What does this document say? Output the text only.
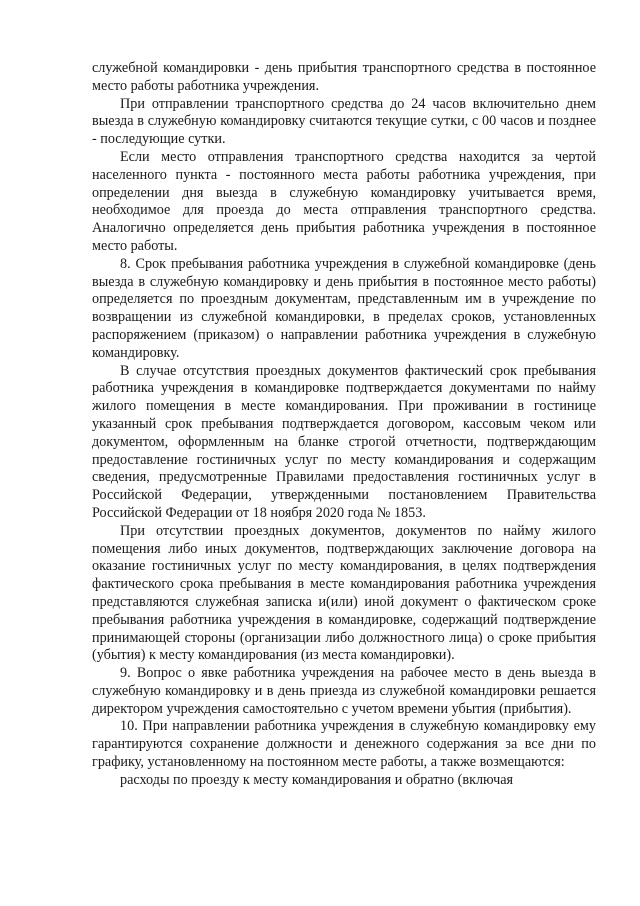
служебной командировки - день прибытия транспортного средства в постоянное место работы работника учреждения.

При отправлении транспортного средства до 24 часов включительно днем выезда в служебную командировку считаются текущие сутки, с 00 часов и позднее - последующие сутки.

Если место отправления транспортного средства находится за чертой населенного пункта - постоянного места работы работника учреждения, при определении дня выезда в служебную командировку учитывается время, необходимое для проезда до места отправления транспортного средства. Аналогично определяется день прибытия работника учреждения в постоянное место работы.

8. Срок пребывания работника учреждения в служебной командировке (день выезда в служебную командировку и день прибытия в постоянное место работы) определяется по проездным документам, представленным им в учреждение по возвращении из служебной командировки, в пределах сроков, установленных распоряжением (приказом) о направлении работника учреждения в служебную командировку.

В случае отсутствия проездных документов фактический срок пребывания работника учреждения в командировке подтверждается документами по найму жилого помещения в месте командирования. При проживании в гостинице указанный срок пребывания подтверждается договором, кассовым чеком или документом, оформленным на бланке строгой отчетности, подтверждающим предоставление гостиничных услуг по месту командирования и содержащим сведения, предусмотренные Правилами предоставления гостиничных услуг в Российской Федерации, утвержденными постановлением Правительства Российской Федерации от 18 ноября 2020 года № 1853.

При отсутствии проездных документов, документов по найму жилого помещения либо иных документов, подтверждающих заключение договора на оказание гостиничных услуг по месту командирования, в целях подтверждения фактического срока пребывания в месте командирования работника учреждения представляются служебная записка и(или) иной документ о фактическом сроке пребывания работника учреждения в командировке, содержащий подтверждение принимающей стороны (организации либо должностного лица) о сроке прибытия (убытия) к месту командирования (из места командировки).

9. Вопрос о явке работника учреждения на рабочее место в день выезда в служебную командировку и в день приезда из служебной командировки решается директором учреждения самостоятельно с учетом времени убытия (прибытия).

10. При направлении работника учреждения в служебную командировку ему гарантируются сохранение должности и денежного содержания за все дни по графику, установленному на постоянном месте работы, а также возмещаются:

расходы по проезду к месту командирования и обратно (включая
